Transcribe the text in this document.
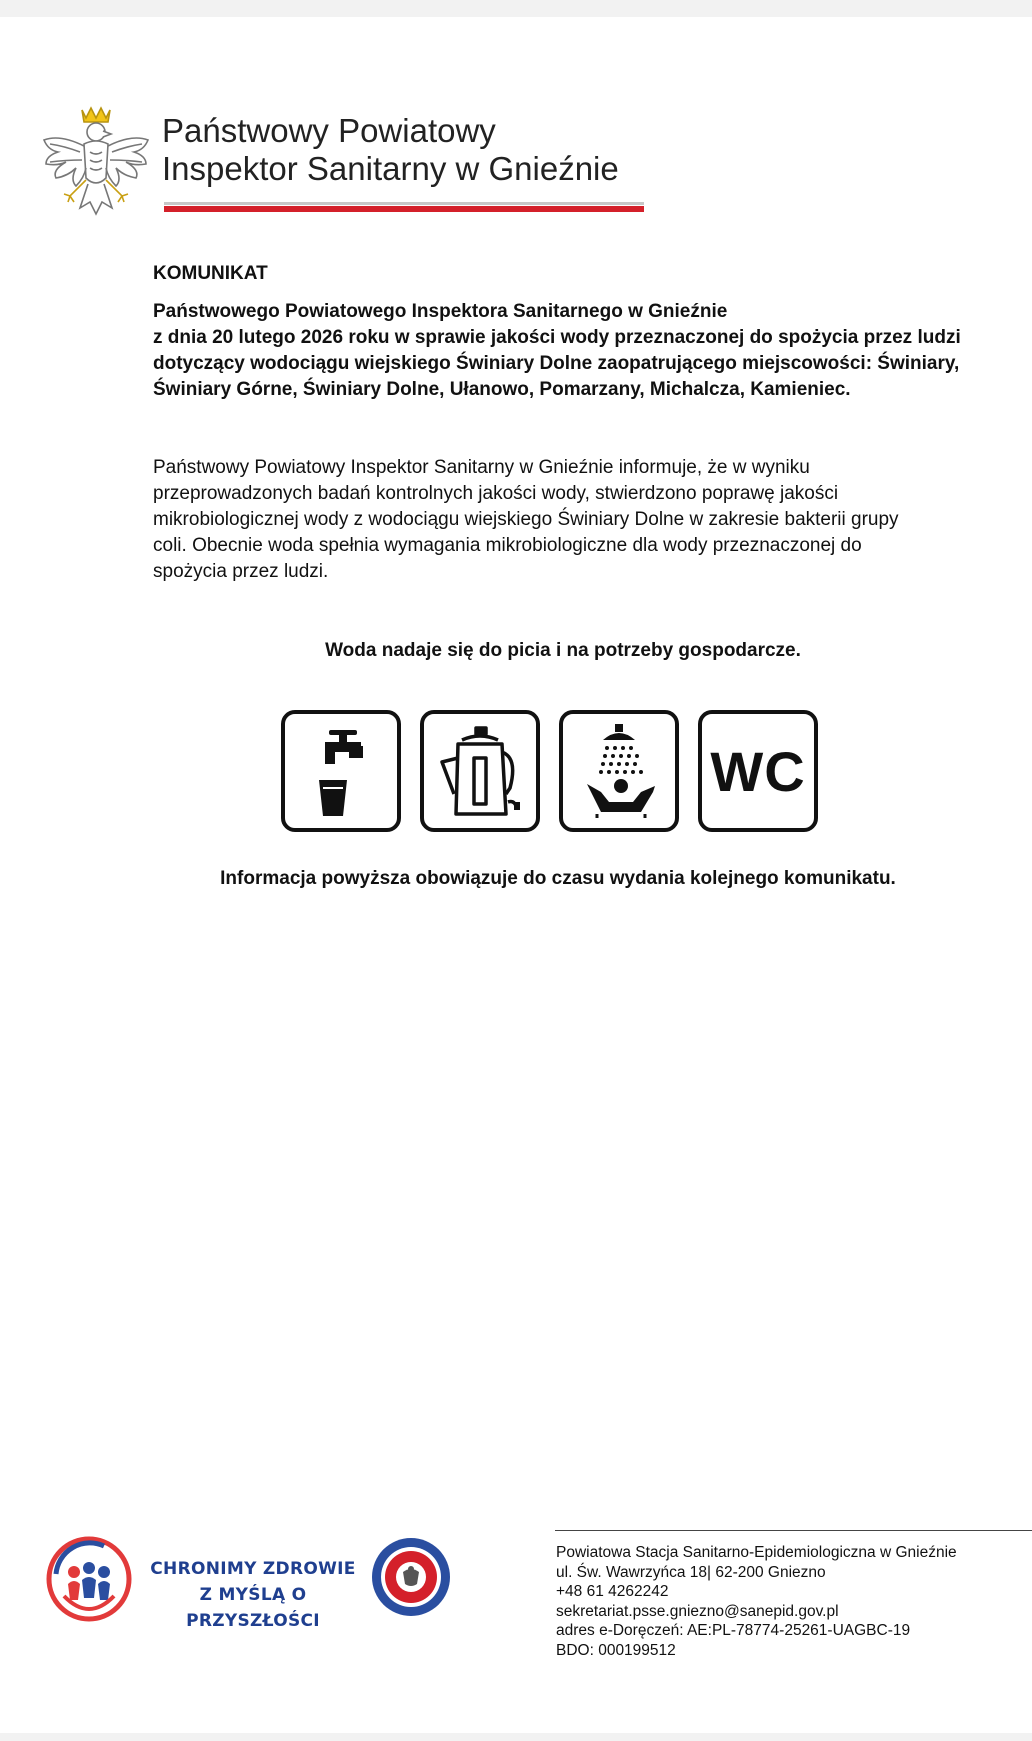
Państwowy Powiatowy
Inspektor Sanitarny w Gnieźnie
KOMUNIKAT
Państwowego Powiatowego Inspektora Sanitarnego w Gnieźnie
z dnia 20 lutego 2026 roku w sprawie jakości wody przeznaczonej do spożycia przez ludzi
dotyczący wodociągu wiejskiego Świniary Dolne zaopatrującego miejscowości: Świniary,
Świniary Górne, Świniary Dolne, Ułanowo, Pomarzany, Michalcza, Kamieniec.
Państwowy Powiatowy Inspektor Sanitarny w Gnieźnie informuje, że w wyniku
przeprowadzonych badań kontrolnych jakości wody, stwierdzono poprawę jakości
mikrobiologicznej wody z wodociągu wiejskiego Świniary Dolne w zakresie bakterii grupy
coli. Obecnie woda spełnia wymagania mikrobiologiczne dla wody przeznaczonej do
spożycia przez ludzi.
Woda nadaje się do picia i na potrzeby gospodarcze.
WC
Informacja powyższa obowiązuje do czasu wydania kolejnego komunikatu.
CHRONIMY ZDROWIE
Z MYŚLĄ O PRZYSZŁOŚCI
Powiatowa Stacja Sanitarno-Epidemiologiczna w Gnieźnie
ul. Św. Wawrzyńca 18| 62-200 Gniezno
+48 61 4262242
sekretariat.psse.gniezno@sanepid.gov.pl
adres e-Doręczeń: AE:PL-78774-25261-UAGBC-19
BDO: 000199512
